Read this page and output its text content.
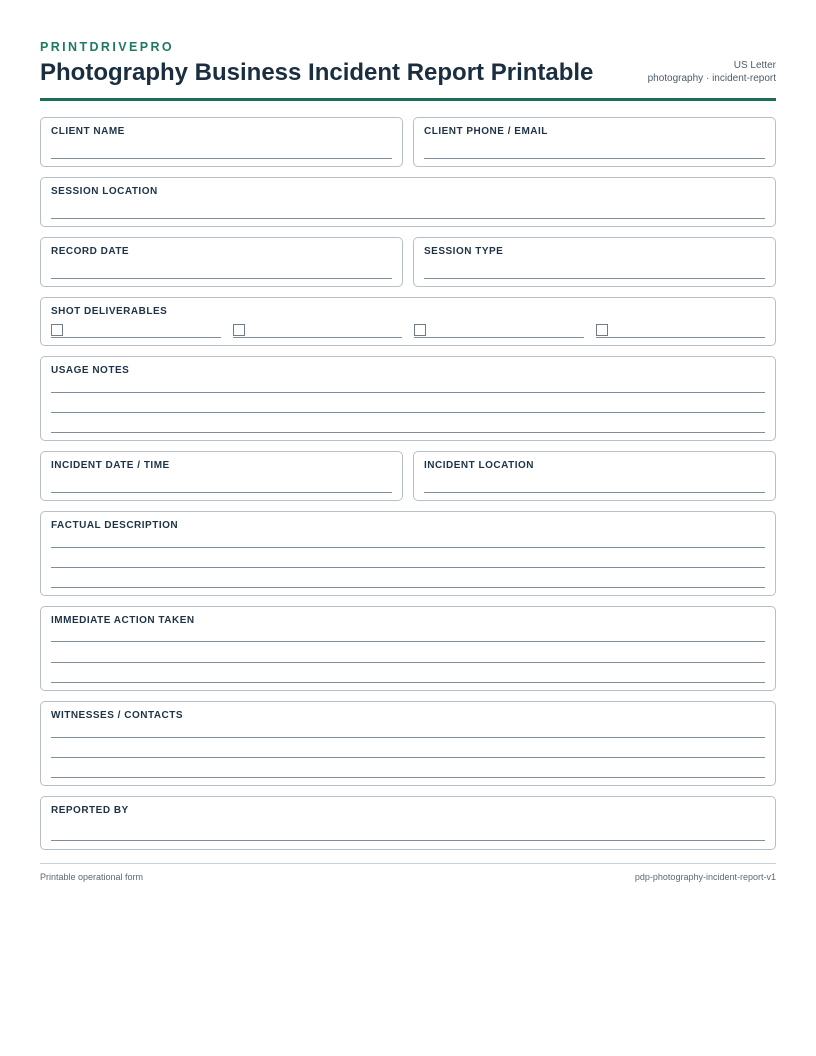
PRINTDRIVEPRO
Photography Business Incident Report Printable	US Letter
photography · incident-report
CLIENT NAME	CLIENT PHONE / EMAIL
SESSION LOCATION
RECORD DATE	SESSION TYPE
SHOT DELIVERABLES
USAGE NOTES
INCIDENT DATE / TIME	INCIDENT LOCATION
FACTUAL DESCRIPTION
IMMEDIATE ACTION TAKEN
WITNESSES / CONTACTS
REPORTED BY
Printable operational form	pdp-photography-incident-report-v1
